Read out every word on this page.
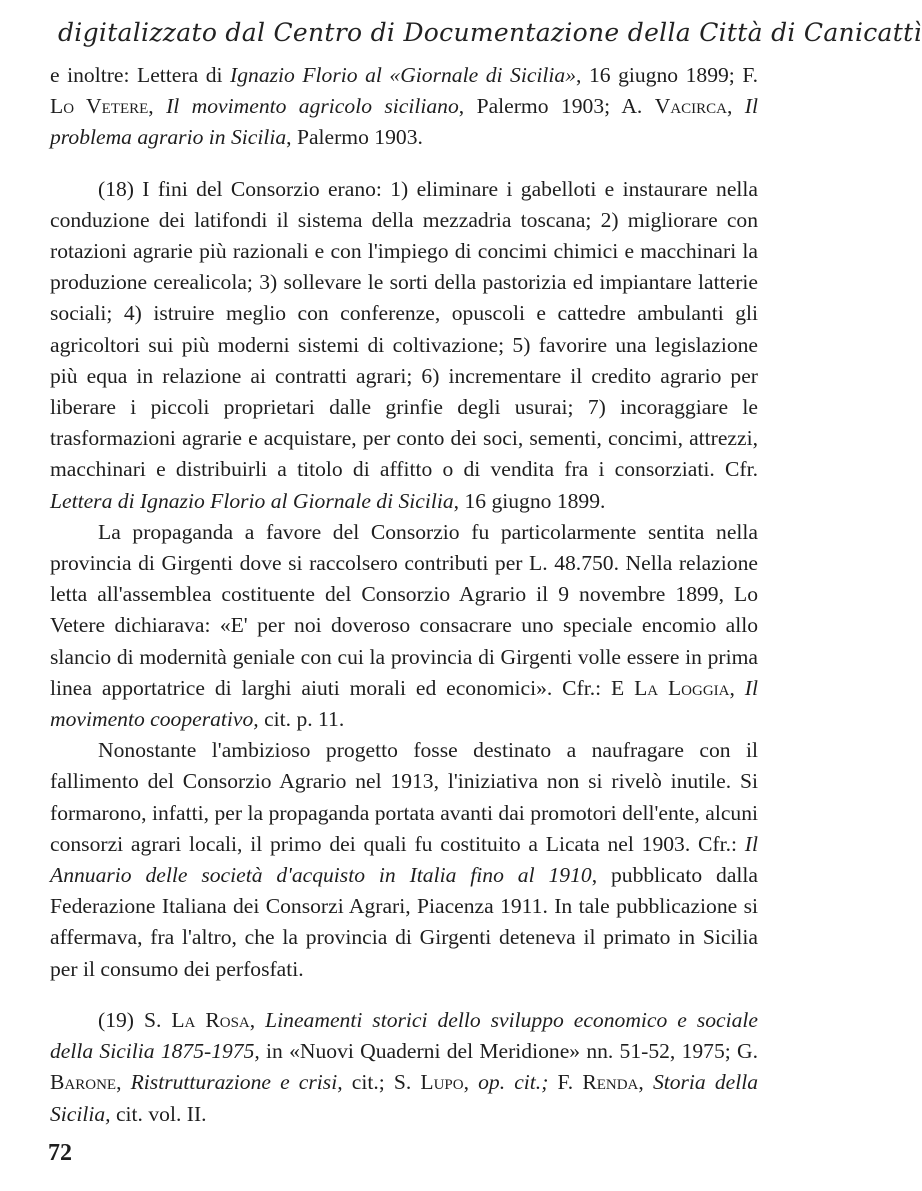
digitalizzato dal Centro di Documentazione della Città di Canicattì

e inoltre: Lettera di Ignazio Florio al «Giornale di Sicilia», 16 giugno 1899; F. Lo Vetere, Il movimento agricolo siciliano, Palermo 1903; A. Vacirca, Il problema agrario in Sicilia, Palermo 1903.

(18) I fini del Consorzio erano: 1) eliminare i gabelloti e instaurare nella conduzione dei latifondi il sistema della mezzadria toscana; 2) migliorare con rotazioni agrarie più razionali e con l'impiego di concimi chimici e macchinari la produzione cerealicola; 3) sollevare le sorti della pastorizia ed impiantare latterie sociali; 4) istruire meglio con conferenze, opuscoli e cattedre ambulanti gli agricoltori sui più moderni sistemi di coltivazione; 5) favorire una legislazione più equa in relazione ai contratti agrari; 6) incrementare il credito agrario per liberare i piccoli proprietari dalle grinfie degli usurai; 7) incoraggiare le trasformazioni agrarie e acquistare, per conto dei soci, sementi, concimi, attrezzi, macchinari e distribuirli a titolo di affitto o di vendita fra i consorziati. Cfr. Lettera di Ignazio Florio al Giornale di Sicilia, 16 giugno 1899.

La propaganda a favore del Consorzio fu particolarmente sentita nella provincia di Girgenti dove si raccolsero contributi per L. 48.750. Nella relazione letta all'assemblea costituente del Consorzio Agrario il 9 novembre 1899, Lo Vetere dichiarava: «E' per noi doveroso consacrare uno speciale encomio allo slancio di modernità geniale con cui la provincia di Girgenti volle essere in prima linea apportatrice di larghi aiuti morali ed economici». Cfr.: E La Loggia, Il movimento cooperativo, cit. p. 11.

Nonostante l'ambizioso progetto fosse destinato a naufragare con il fallimento del Consorzio Agrario nel 1913, l'iniziativa non si rivelò inutile. Si formarono, infatti, per la propaganda portata avanti dai promotori dell'ente, alcuni consorzi agrari locali, il primo dei quali fu costituito a Licata nel 1903. Cfr.: Il Annuario delle società d'acquisto in Italia fino al 1910, pubblicato dalla Federazione Italiana dei Consorzi Agrari, Piacenza 1911. In tale pubblicazione si affermava, fra l'altro, che la provincia di Girgenti deteneva il primato in Sicilia per il consumo dei perfosfati.

(19) S. La Rosa, Lineamenti storici dello sviluppo economico e sociale della Sicilia 1875-1975, in «Nuovi Quaderni del Meridione» nn. 51-52, 1975; G. Barone, Ristrutturazione e crisi, cit.; S. Lupo, op. cit.; F. Renda, Storia della Sicilia, cit. vol. II.

72
